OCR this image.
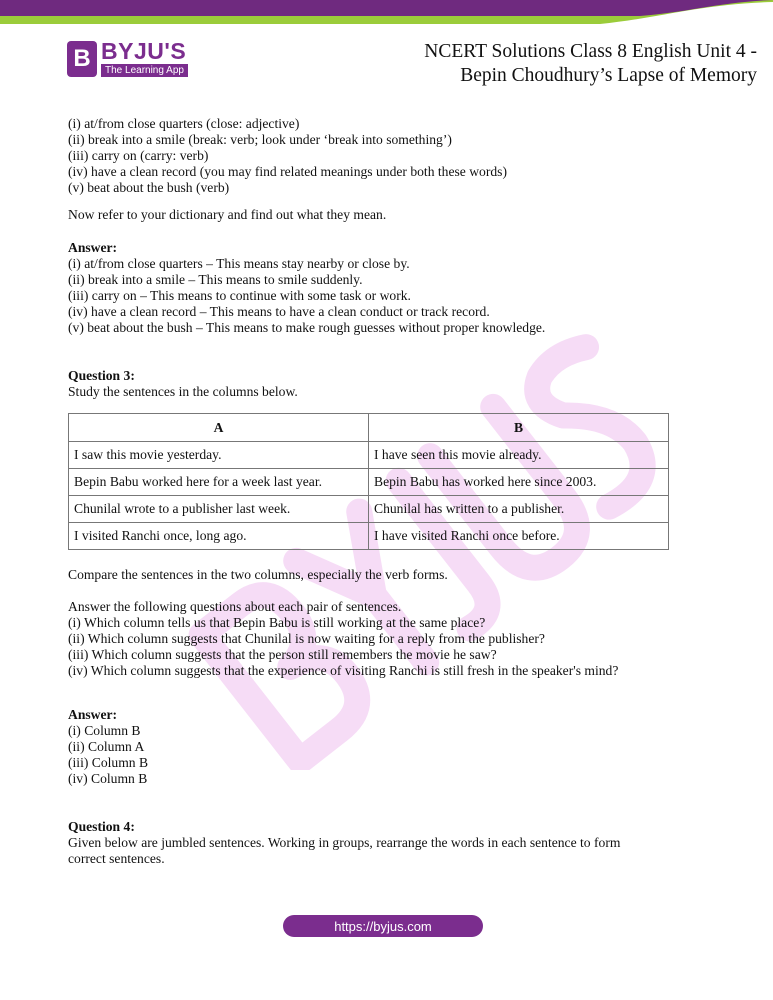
B BYJU'S
The Learning App
NCERT Solutions Class 8 English Unit 4 -
Bepin Choudhury’s Lapse of Memory
(i) at/from close quarters (close: adjective)
(ii) break into a smile (break: verb; look under ‘break into something’)
(iii) carry on (carry: verb)
(iv) have a clean record (you may find related meanings under both these words)
(v) beat about the bush (verb)
Now refer to your dictionary and find out what they mean.
Answer:
(i) at/from close quarters – This means stay nearby or close by.
(ii) break into a smile – This means to smile suddenly.
(iii) carry on – This means to continue with some task or work.
(iv) have a clean record – This means to have a clean conduct or track record.
(v) beat about the bush – This means to make rough guesses without proper knowledge.
Question 3:
Study the sentences in the columns below.
A	B
I saw this movie yesterday.	I have seen this movie already.
Bepin Babu worked here for a week last year.	Bepin Babu has worked here since 2003.
Chunilal wrote to a publisher last week.	Chunilal has written to a publisher.
I visited Ranchi once, long ago.	I have visited Ranchi once before.
Compare the sentences in the two columns, especially the verb forms.
Answer the following questions about each pair of sentences.
(i) Which column tells us that Bepin Babu is still working at the same place?
(ii) Which column suggests that Chunilal is now waiting for a reply from the publisher?
(iii) Which column suggests that the person still remembers the movie he saw?
(iv) Which column suggests that the experience of visiting Ranchi is still fresh in the speaker's mind?
Answer:
(i) Column B
(ii) Column A
(iii) Column B
(iv) Column B
Question 4:
Given below are jumbled sentences. Working in groups, rearrange the words in each sentence to form
correct sentences.
https://byjus.com
